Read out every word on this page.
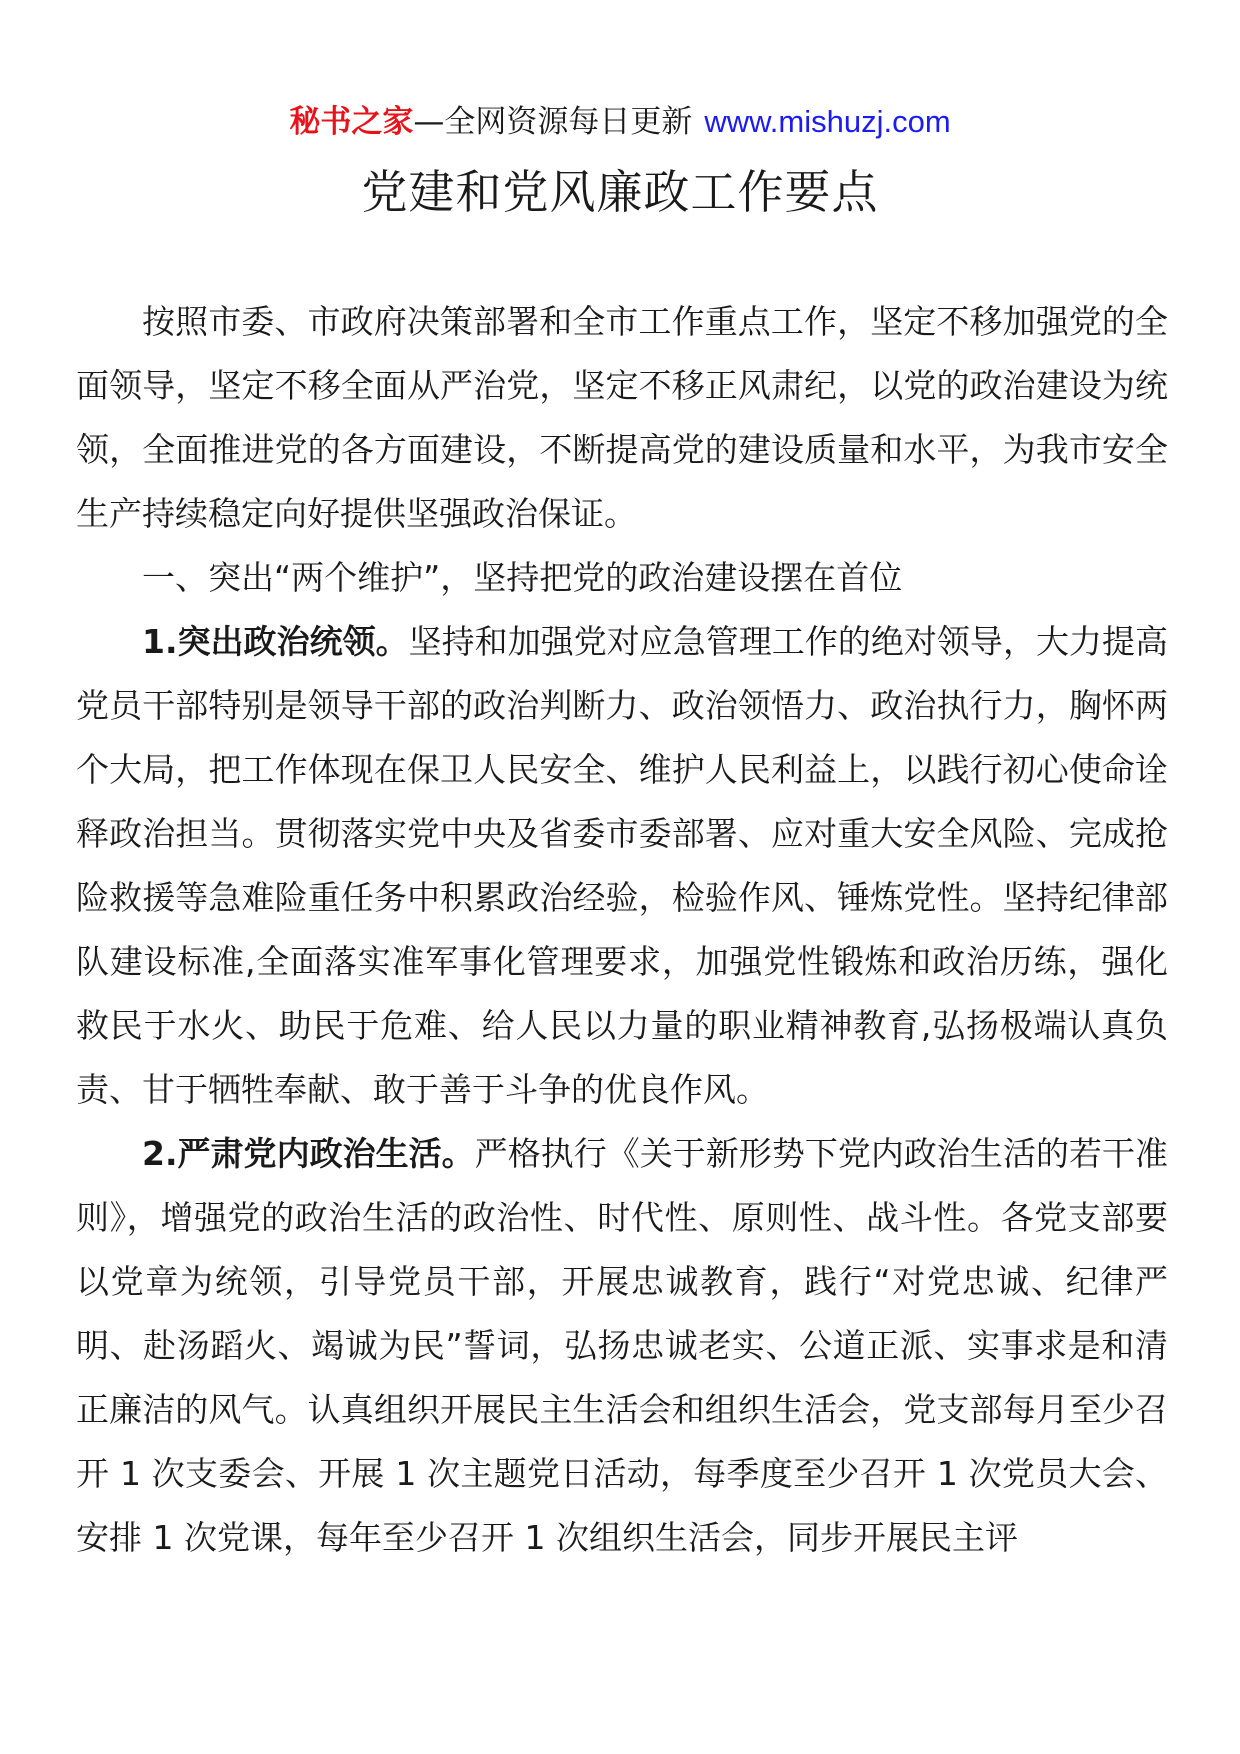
秘书之家—全网资源每日更新 www.mishuzj.com
党建和党风廉政工作要点

按照市委、市政府决策部署和全市工作重点工作，坚定不移加强党的全面领导，坚定不移全面从严治党，坚定不移正风肃纪，以党的政治建设为统领，全面推进党的各方面建设，不断提高党的建设质量和水平，为我市安全生产持续稳定向好提供坚强政治保证。

一、突出“两个维护”，坚持把党的政治建设摆在首位

1.突出政治统领。坚持和加强党对应急管理工作的绝对领导，大力提高党员干部特别是领导干部的政治判断力、政治领悟力、政治执行力，胸怀两个大局，把工作体现在保卫人民安全、维护人民利益上，以践行初心使命诠释政治担当。贯彻落实党中央及省委市委部署、应对重大安全风险、完成抢险救援等急难险重任务中积累政治经验，检验作风、锤炼党性。坚持纪律部队建设标准,全面落实准军事化管理要求，加强党性锻炼和政治历练，强化救民于水火、助民于危难、给人民以力量的职业精神教育,弘扬极端认真负责、甘于牺牲奉献、敢于善于斗争的优良作风。

2.严肃党内政治生活。严格执行《关于新形势下党内政治生活的若干准则》，增强党的政治生活的政治性、时代性、原则性、战斗性。各党支部要以党章为统领，引导党员干部，开展忠诚教育，践行“对党忠诚、纪律严明、赴汤蹈火、竭诚为民”誓词，弘扬忠诚老实、公道正派、实事求是和清正廉洁的风气。认真组织开展民主生活会和组织生活会，党支部每月至少召开 1 次支委会、开展 1 次主题党日活动，每季度至少召开 1 次党员大会、安排 1 次党课，每年至少召开 1 次组织生活会，同步开展民主评
